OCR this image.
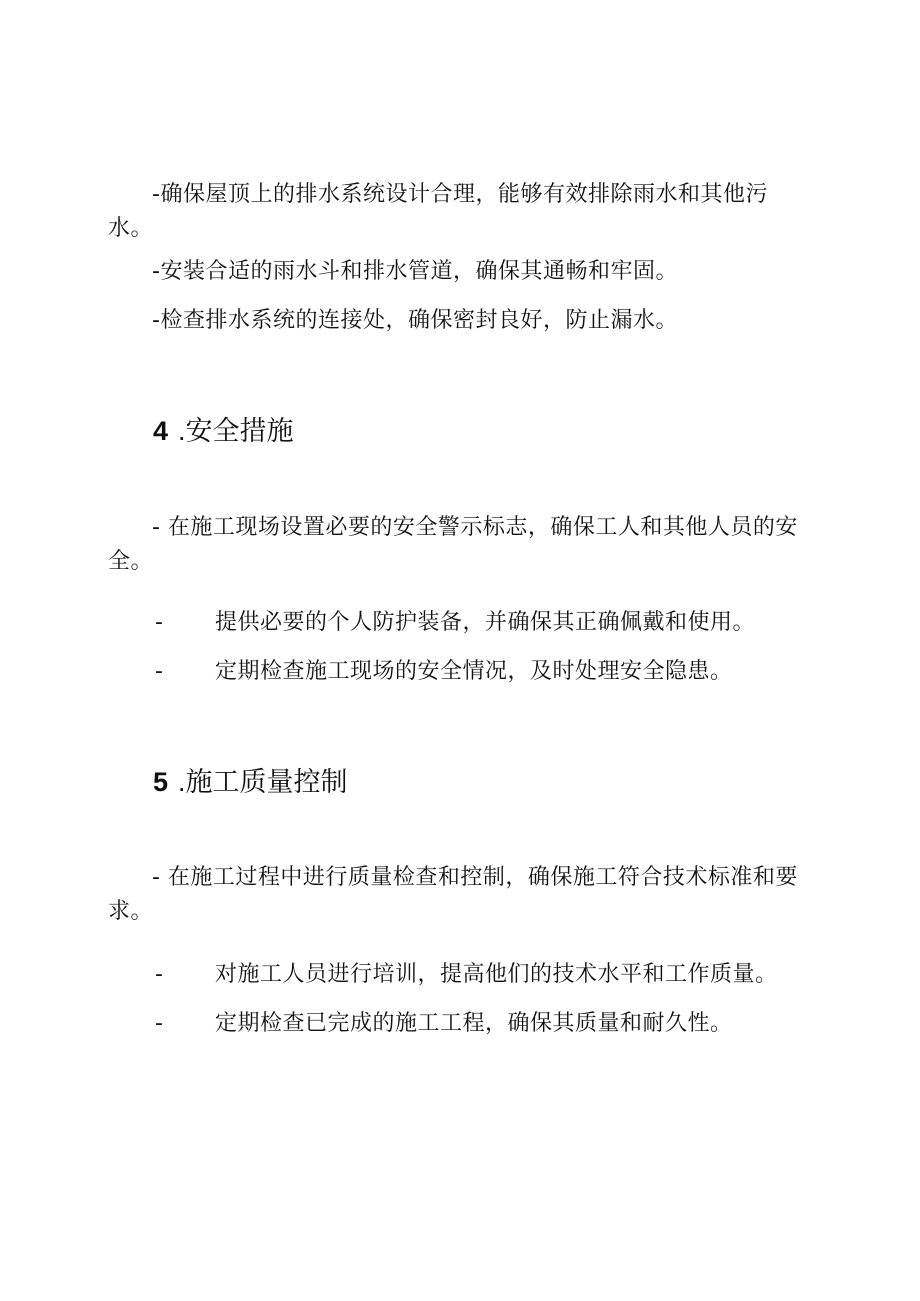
-确保屋顶上的排水系统设计合理，能够有效排除雨水和其他污水。

-安装合适的雨水斗和排水管道，确保其通畅和牢固。

-检查排水系统的连接处，确保密封良好，防止漏水。

4 .安全措施

- 在施工现场设置必要的安全警示标志，确保工人和其他人员的安全。

- 提供必要的个人防护装备，并确保其正确佩戴和使用。
- 定期检查施工现场的安全情况，及时处理安全隐患。
5 .施工质量控制

- 在施工过程中进行质量检查和控制，确保施工符合技术标准和要求。

- 对施工人员进行培训，提高他们的技术水平和工作质量。
- 定期检查已完成的施工工程，确保其质量和耐久性。
